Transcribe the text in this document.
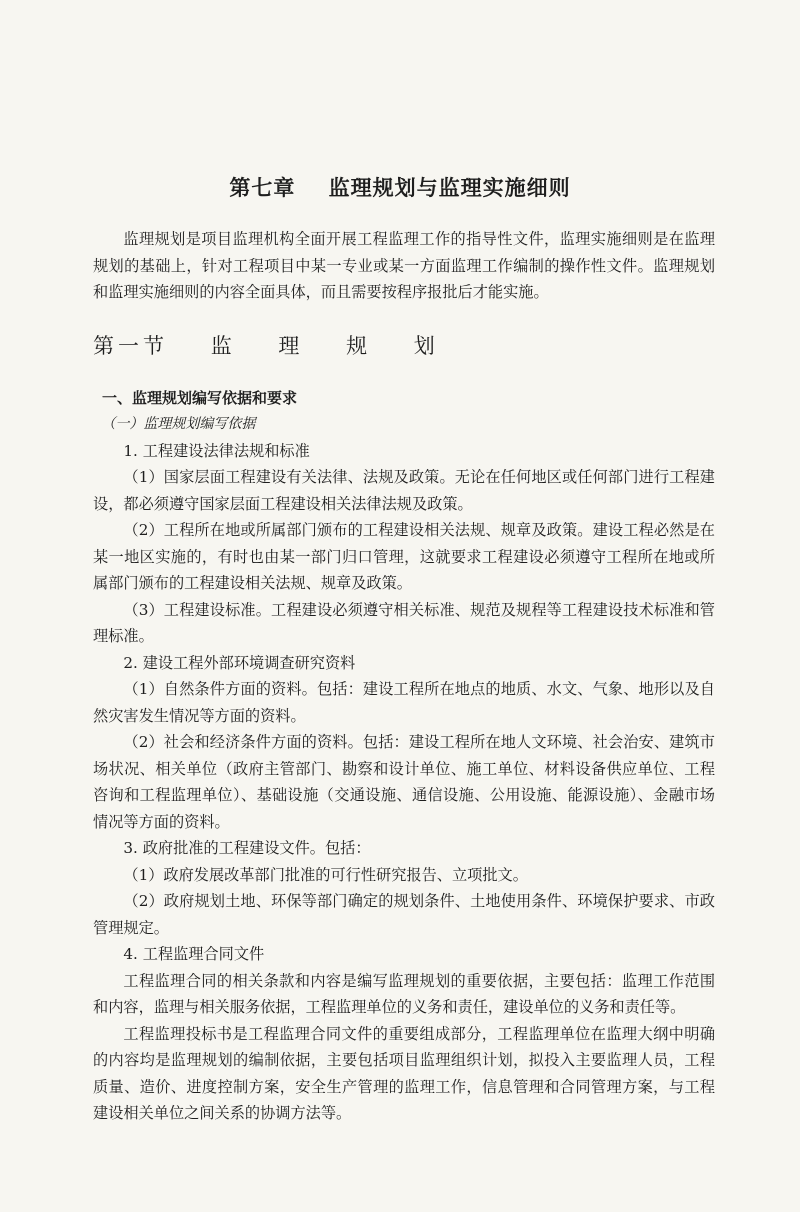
第七章    监理规划与监理实施细则

监理规划是项目监理机构全面开展工程监理工作的指导性文件，监理实施细则是在监理规划的基础上，针对工程项目中某一专业或某一方面监理工作编制的操作性文件。监理规划和监理实施细则的内容全面具体，而且需要按程序报批后才能实施。

第一节    监    理    规    划

一、监理规划编写依据和要求

（一）监理规划编写依据

1. 工程建设法律法规和标准

（1）国家层面工程建设有关法律、法规及政策。无论在任何地区或任何部门进行工程建设，都必须遵守国家层面工程建设相关法律法规及政策。

（2）工程所在地或所属部门颁布的工程建设相关法规、规章及政策。建设工程必然是在某一地区实施的，有时也由某一部门归口管理，这就要求工程建设必须遵守工程所在地或所属部门颁布的工程建设相关法规、规章及政策。

（3）工程建设标准。工程建设必须遵守相关标准、规范及规程等工程建设技术标准和管理标准。

2. 建设工程外部环境调查研究资料

（1）自然条件方面的资料。包括：建设工程所在地点的地质、水文、气象、地形以及自然灾害发生情况等方面的资料。

（2）社会和经济条件方面的资料。包括：建设工程所在地人文环境、社会治安、建筑市场状况、相关单位（政府主管部门、勘察和设计单位、施工单位、材料设备供应单位、工程咨询和工程监理单位）、基础设施（交通设施、通信设施、公用设施、能源设施）、金融市场情况等方面的资料。

3. 政府批准的工程建设文件。包括：

（1）政府发展改革部门批准的可行性研究报告、立项批文。

（2）政府规划土地、环保等部门确定的规划条件、土地使用条件、环境保护要求、市政管理规定。

4. 工程监理合同文件

工程监理合同的相关条款和内容是编写监理规划的重要依据，主要包括：监理工作范围和内容，监理与相关服务依据，工程监理单位的义务和责任，建设单位的义务和责任等。

工程监理投标书是工程监理合同文件的重要组成部分，工程监理单位在监理大纲中明确的内容均是监理规划的编制依据，主要包括项目监理组织计划，拟投入主要监理人员，工程质量、造价、进度控制方案，安全生产管理的监理工作，信息管理和合同管理方案，与工程建设相关单位之间关系的协调方法等。
